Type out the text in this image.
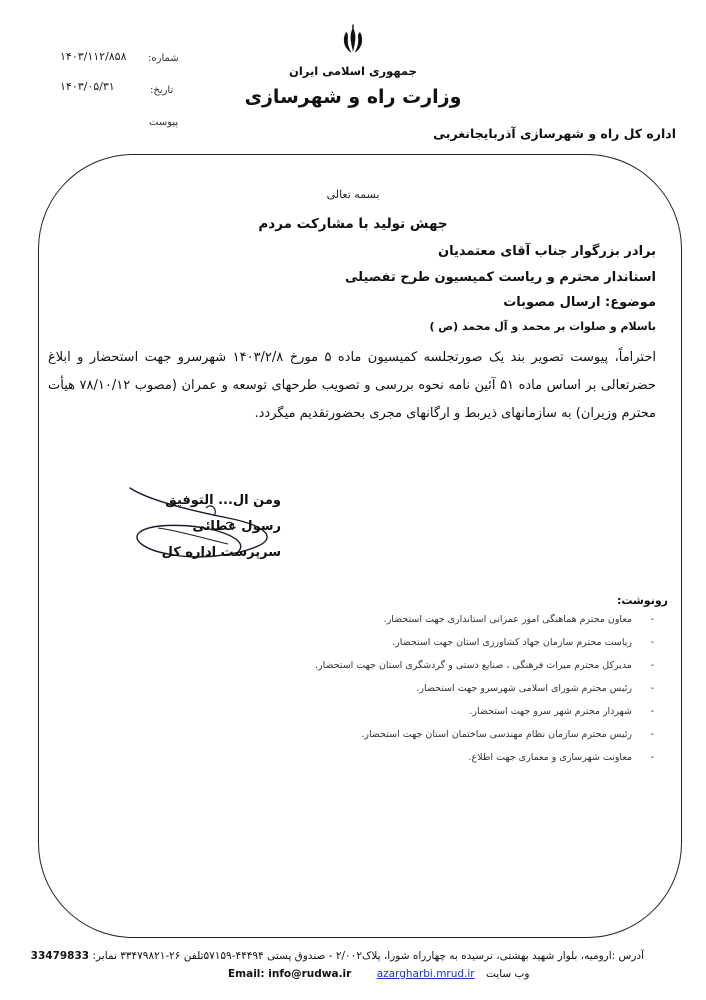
۱۴۰۳/۱۱۲/۸۵۸ شماره:
۱۴۰۳/۰۵/۳۱	تاریخ:
پیوست
جمهوری اسلامی ایران
وزارت راه و شهرسازی
اداره کل راه و شهرسازی آذربایجانغربی
بسمه تعالی
جهش تولید با مشارکت مردم
برادر بزرگوار جناب آقای معتمدیان
استاندار محترم و ریاست کمیسیون طرح تفصیلی
موضوع: ارسال مصوبات
باسلام و صلوات بر محمد و آل محمد (ص )
احتراماً، پیوست تصویر بند یک صورتجلسه کمیسیون ماده ۵ مورخ ۱۴۰۳/۲/۸ شهرسرو جهت استحضار و ابلاغ حضرتعالی بر اساس ماده ۵۱ آئین نامه نحوه بررسی و تصویب طرحهای توسعه و عمران (مصوب ۷۸/۱۰/۱۲ هیأت محترم وزیران) به سازمانهای ذیربط و ارگانهای مجری بحضورتقدیم میگردد.
ومن ال... التوفیق
رسول عطائی
سرپرست اداره کل
رونوشت:
- معاون محترم هماهنگی امور عمرانی استانداری جهت استحضار.
- ریاست محترم سازمان جهاد کشاورزی استان جهت استحضار.
- مدیرکل محترم میراث فرهنگی ، صنایع دستی و گردشگری استان جهت استحضار.
- رئیس محترم شورای اسلامی شهرسرو جهت استحضار.
- شهردار محترم شهر سرو جهت استحضار.
- رئیس محترم سازمان نظام مهندسی ساختمان استان جهت استحضار.
- معاونت شهرسازی و معماری جهت اطلاع.
آدرس :ارومیه، بلوار شهید بهشتی، نرسیده به چهارراه شورا، پلاک۲/۰۰۲ - صندوق پستی ۴۴۴۹۴-۵۷۱۵۹تلفن ۲۶-۳۳۴۷۹۸۲۱ نمابر: 33479833
Email: info@rudwa.ir azargharbi.mrud.ir وب سایت
